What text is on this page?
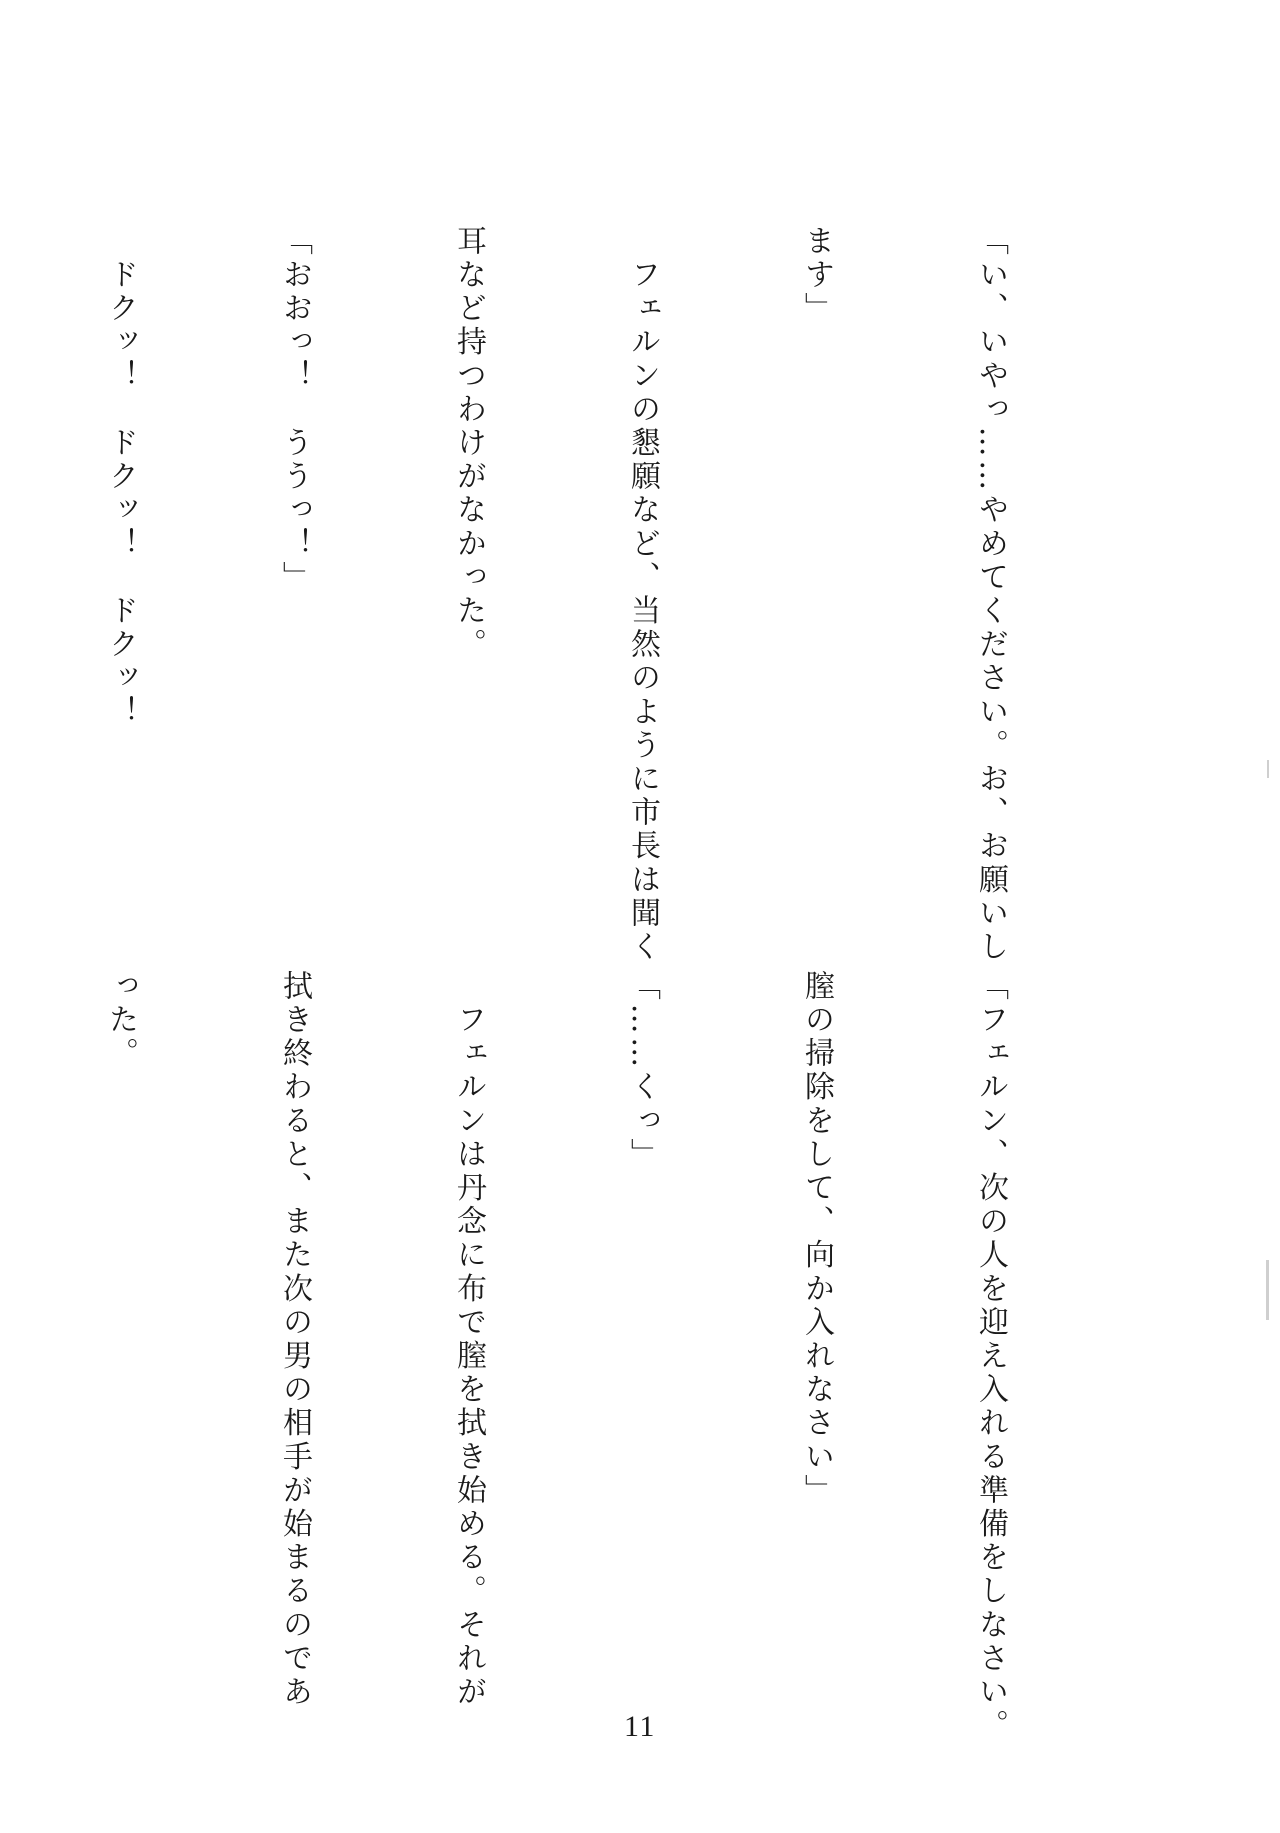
「い、いやっ……やめてください。お、お願いし

ます」

　フェルンの懇願など、当然のように市長は聞く

耳など持つわけがなかった。

「おおっ！　ううっ！」

　ドクッ！　ドクッ！　ドクッ！

「フェルン、次の人を迎え入れる準備をしなさい。

膣の掃除をして、向か入れなさい」

「……くっ」

　フェルンは丹念に布で膣を拭き始める。それが

拭き終わると、また次の男の相手が始まるのであ

った。

11
